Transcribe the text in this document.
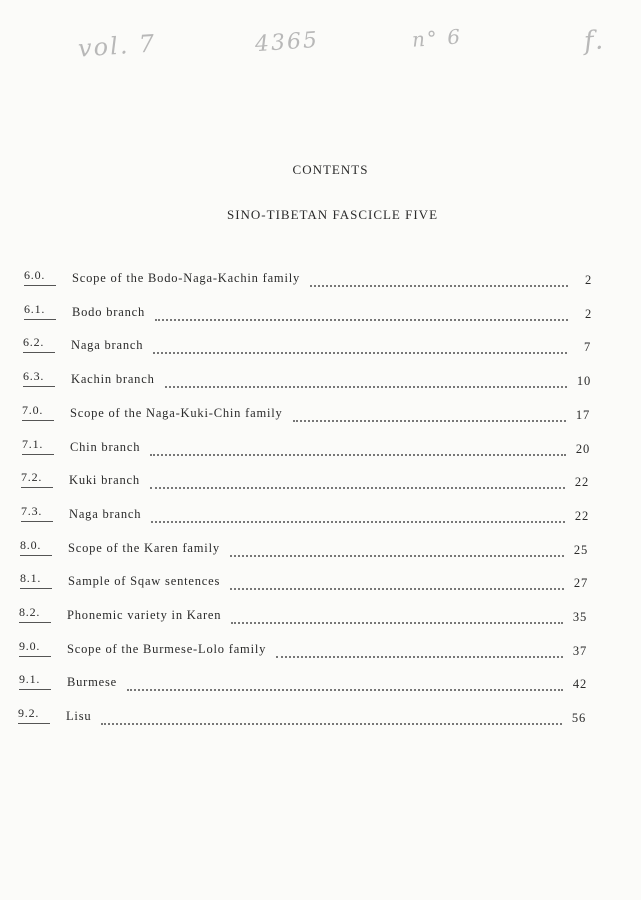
vol. 7	4365	n° 6	f.
CONTENTS
SINO-TIBETAN FASCICLE FIVE
6.0.	Scope of the Bodo-Naga-Kachin family	2
6.1.	Bodo branch	2
6.2.	Naga branch	7
6.3.	Kachin branch	10
7.0.	Scope of the Naga-Kuki-Chin family	17
7.1.	Chin branch	20
7.2.	Kuki branch	22
7.3.	Naga branch	22
8.0.	Scope of the Karen family	25
8.1.	Sample of Sqaw sentences	27
8.2.	Phonemic variety in Karen	35
9.0.	Scope of the Burmese-Lolo family	37
9.1.	Burmese	42
9.2.	Lisu	56
